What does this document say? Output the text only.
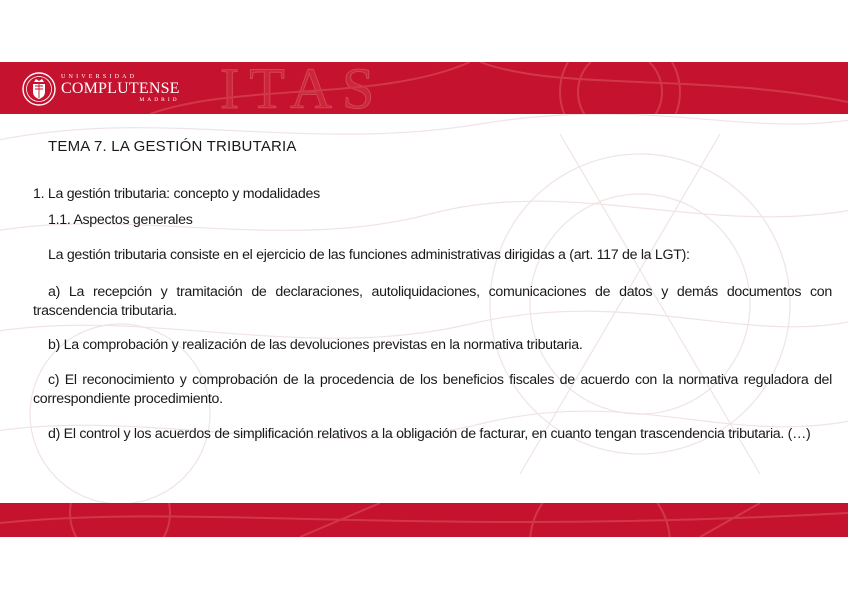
ITAS
UNIVERSIDAD
COMPLUTENSE
MADRID
TEMA 7. LA GESTIÓN TRIBUTARIA
1. La gestión tributaria: concepto y modalidades
1.1. Aspectos generales
La gestión tributaria consiste en el ejercicio de las funciones administrativas dirigidas a (art. 117 de la LGT):
a) La recepción y tramitación de declaraciones, autoliquidaciones, comunicaciones de datos y demás documentos con trascendencia tributaria.
b) La comprobación y realización de las devoluciones previstas en la normativa tributaria.
c) El reconocimiento y comprobación de la procedencia de los beneficios fiscales de acuerdo con la normativa reguladora del correspondiente procedimiento.
d) El control y los acuerdos de simplificación relativos a la obligación de facturar, en cuanto tengan trascendencia tributaria. (…)
